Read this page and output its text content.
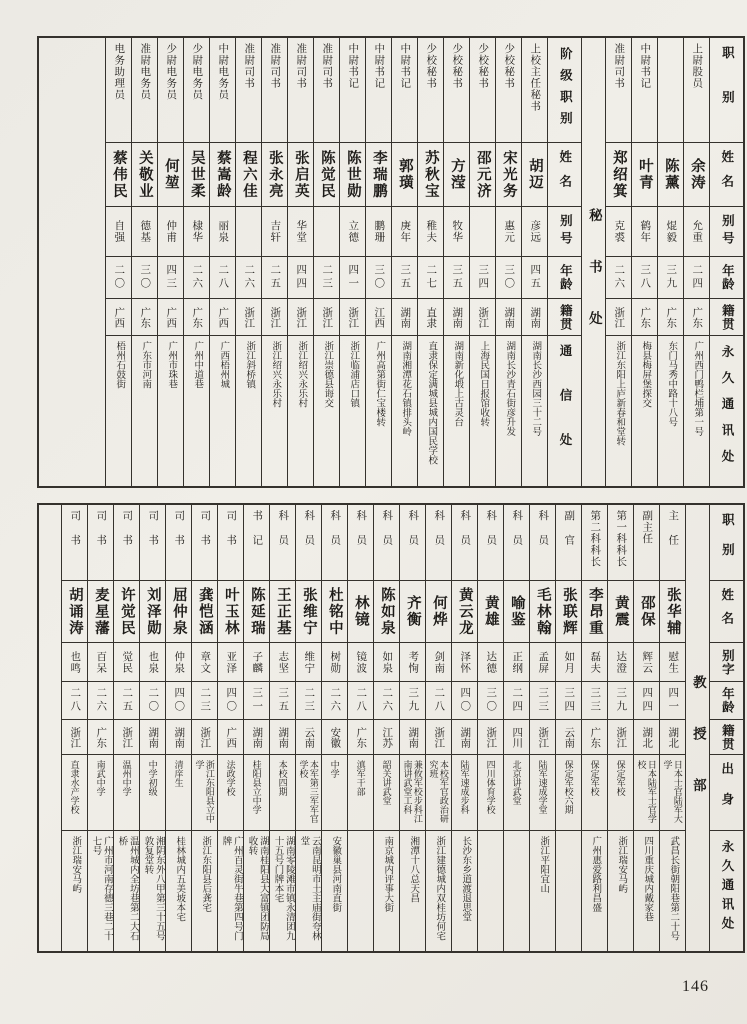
职别
姓名
别号
年龄
籍贯
永久通讯处
上尉股员
余涛
允重
二四
广东
广州西门鸭栏埔第一号
陈薰
焜毅
三九
广东
东门马秀中路十八号
中尉书记
叶青
鹤年
三八
广东
梅县梅屏堡探交
准尉司书
郑绍箕
克裘
二六
浙江
浙江东阳上庐新春和堂转
秘书处
阶级职别
姓名
别号
年龄
籍贯
通信处
上校主任秘书
胡迈
彦远
四五
湖南
湖南长沙西园三十二号
少校秘书
宋光务
惠元
三〇
湖南
湖南长沙青石街彦升发
少校秘书
邵元济
三四
浙江
上海民国日报馆收转
少校秘书
方滢
牧华
三五
湖南
湖南新化塅上古灵台
少校秘书
苏秋宝
稚夫
二七
直隶
直隶保定满城县城内国民学校
中尉书记
郭璜
庚年
三五
湖南
湖南湘潭花石镇排头岭
中尉书记
李瑞鹏
鹏珊
三〇
江西
广州高第街仁宝楼转
中尉书记
陈世勋
立德
四一
浙江
浙江临浦店口镇
准尉司书
陈觉民
二三
浙江
浙江崇德县诲交
准尉司书
张启英
华堂
四四
浙江
浙江绍兴永乐村
准尉司书
张永亮
吉轩
二五
浙江
浙江绍兴永乐村
准尉司书
程六佳
二六
浙江
浙江斜桥镇
中尉电务员
蔡嵩龄
丽泉
二八
广西
广西梧州城
少尉电务员
吴世柔
棣华
二六
广东
广州中道巷
少尉电务员
何堃
仲甫
四三
广西
广州市珠巷
准尉电务员
关敬业
德基
三〇
广东
广东市河南
电务助理员
蔡伟民
自强
二〇
广西
梧州石鼓街
职别
姓名
别字
年龄
籍贯
出身
永久通讯处
教授部
主任
张华辅
慰生
四一
湖北
日本士官陆军大学
武昌长街朝阳巷第二十号
副主任
邵保
辉云
四四
湖北
日本陆军士官学校
四川重庆城内戴家巷
第一科科长
黄震
达澄
三九
浙江
保定军校
浙江瑞安马屿
第二科科长
李昂重
磊夫
三三
广东
保定军校
广州惠爱路利昌盛
副官
张联辉
如月
三四
云南
保定军校六期
科员
毛林翰
孟屏
三三
浙江
陆军速成学堂
浙江平阳宜山
科员
喻鉴
正纲
二四
四川
北京讲武堂
科员
黄雄
达德
三〇
浙江
四川体育学校
科员
黄云龙
泽怀
四〇
湖南
陆军速成步科
长沙东乡道渡退思堂
科员
何烨
剑南
二八
浙江
本校军官政治研究班
浙江建德城内双桂坊何宅
科员
齐衡
考恂
三九
湖南
兼攸军校步科江南讲武堂工科
湘潭十八总天昌
科员
陈如泉
如泉
二六
江苏
韶关讲武堂
南京城内评事大街
科员
林镜
镜波
二八
广东
滇军干部
科员
杜铭中
树勋
二六
安徽
中学
安徽巢县河南直街
科员
张维宁
维宁
二三
云南
本军第三军军官学校
云南昆明市土主庙街夸林堂
科员
王正基
志坚
三五
湖南
本校四期
湖南零陵滩市镇永清团九十五号门牌本宅
书记
陈延瑞
子麟
三一
湖南
桂阳县立中学
湖南桂阳县大富镇团防局收转
司书
叶玉林
亚泽
四〇
广西
法政学校
广州百灵街牛巷第四号门牌
司书
龚恺涵
章文
二三
浙江
浙江东阳县立中学
浙江东阳县后龚宅
司书
屈仲泉
仲泉
四〇
湖南
清庠生
桂林城内五美坡本宅
司书
刘泽勋
也泉
二〇
湖南
中学初级
湘阴东外八甲第三十五号敦复堂转
司书
许觉民
觉民
二五
浙江
温州中学
温州城内全坊巷第二大石桥
司书
麦星藩
百呆
二六
广东
南武中学
广州市河南存德三巷二十七号
司书
胡诵涛
也鸣
二八
浙江
直隶水产学校
浙江瑞安马屿
146
